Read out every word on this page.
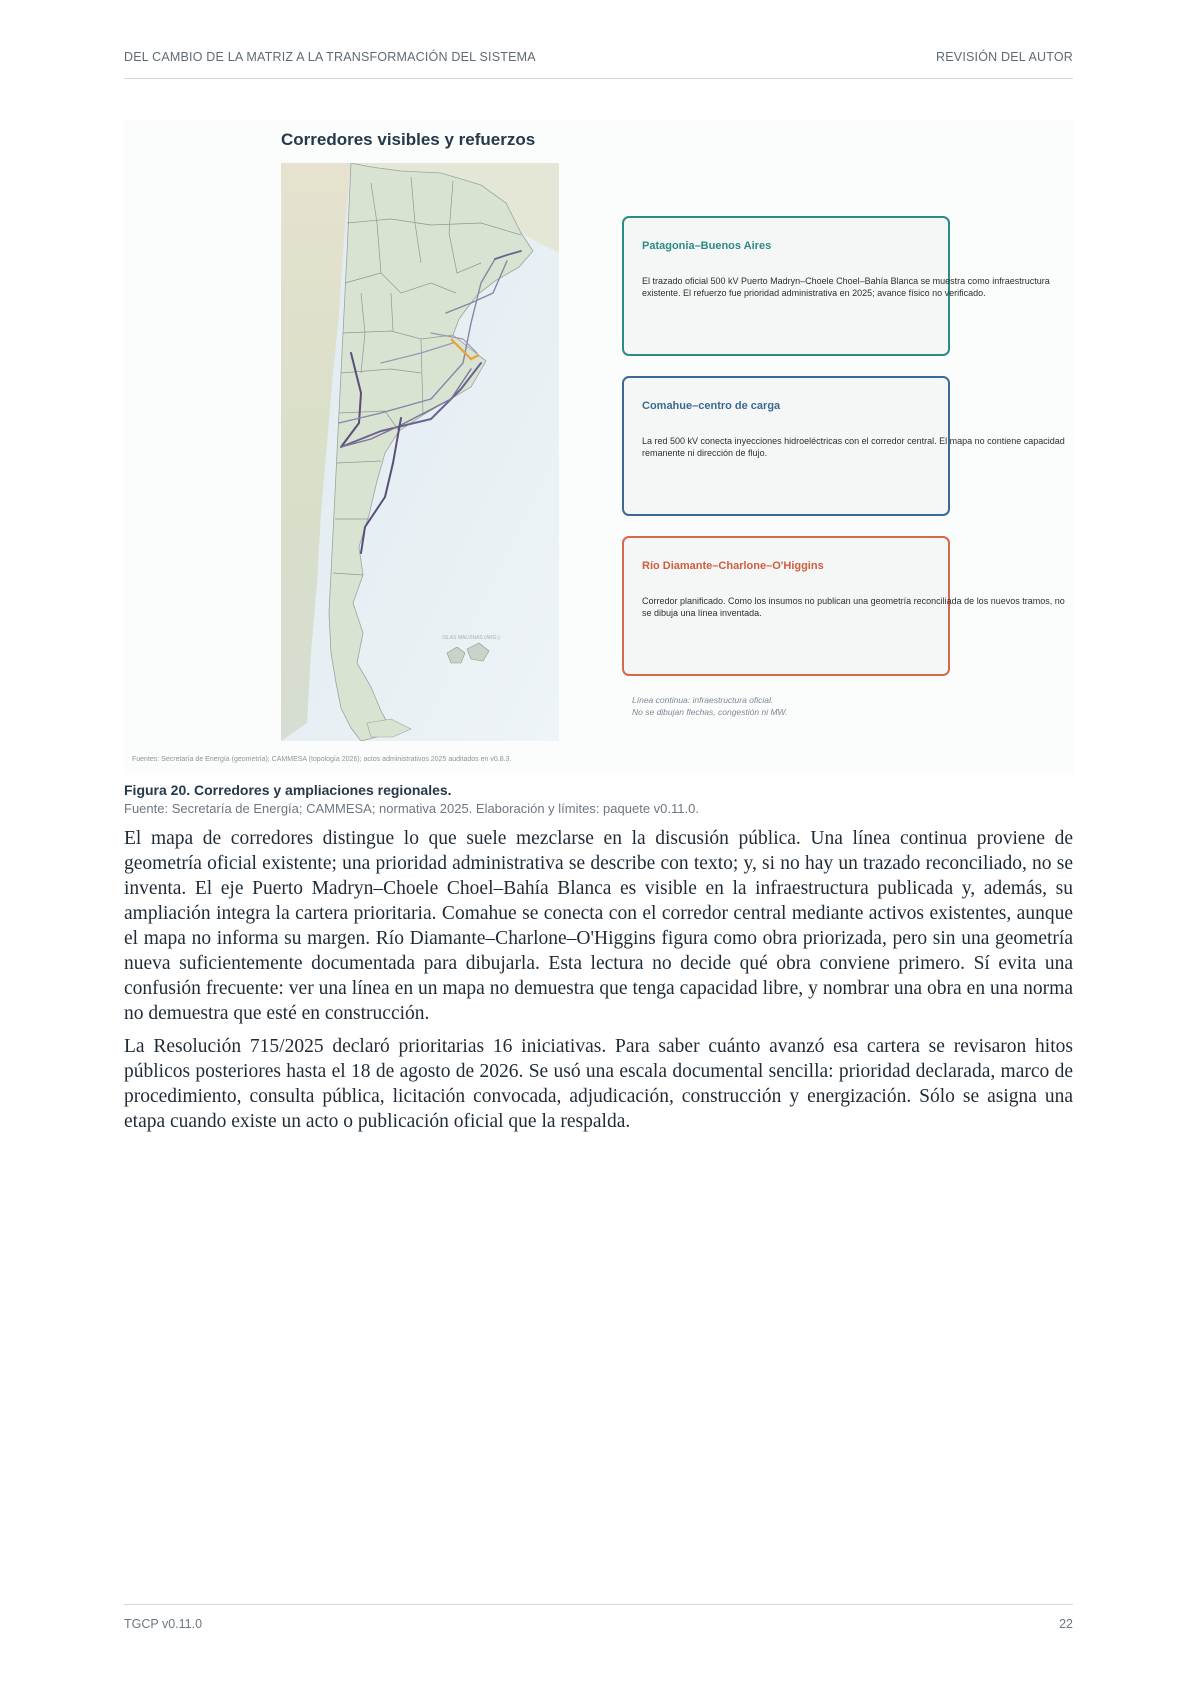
DEL CAMBIO DE LA MATRIZ A LA TRANSFORMACIÓN DEL SISTEMA	REVISIÓN DEL AUTOR
Corredores visibles y refuerzos
ISLAS MALVINAS (ARG.)
Patagonia–Buenos Aires
El trazado oficial 500 kV Puerto Madryn–Choele Choel–Bahía Blanca se muestra como infraestructura existente. El refuerzo fue prioridad administrativa en 2025; avance físico no verificado.
Comahue–centro de carga
La red 500 kV conecta inyecciones hidroeléctricas con el corredor central. El mapa no contiene capacidad remanente ni dirección de flujo.
Río Diamante–Charlone–O'Higgins
Corredor planificado. Como los insumos no publican una geometría reconciliada de los nuevos tramos, no se dibuja una línea inventada.
Línea continua: infraestructura oficial.
No se dibujan flechas, congestión ni MW.
Fuentes: Secretaría de Energía (geometría); CAMMESA (topología 2026); actos administrativos 2025 auditados en v0.8.3.
Figura 20. Corredores y ampliaciones regionales.
Fuente: Secretaría de Energía; CAMMESA; normativa 2025. Elaboración y límites: paquete v0.11.0.

El mapa de corredores distingue lo que suele mezclarse en la discusión pública. Una línea continua proviene de geometría oficial existente; una prioridad administrativa se describe con texto; y, si no hay un trazado reconciliado, no se inventa. El eje Puerto Madryn–Choele Choel–Bahía Blanca es visible en la infraestructura publicada y, además, su ampliación integra la cartera prioritaria. Comahue se conecta con el corredor central mediante activos existentes, aunque el mapa no informa su margen. Río Diamante–Charlone–O'Higgins figura como obra priorizada, pero sin una geometría nueva suficientemente documentada para dibujarla. Esta lectura no decide qué obra conviene primero. Sí evita una confusión frecuente: ver una línea en un mapa no demuestra que tenga capacidad libre, y nombrar una obra en una norma no demuestra que esté en construcción.

La Resolución 715/2025 declaró prioritarias 16 iniciativas. Para saber cuánto avanzó esa cartera se revisaron hitos públicos posteriores hasta el 18 de agosto de 2026. Se usó una escala documental sencilla: prioridad declarada, marco de procedimiento, consulta pública, licitación convocada, adjudicación, construcción y energización. Sólo se asigna una etapa cuando existe un acto o publicación oficial que la respalda.

TGCP v0.11.0	22
